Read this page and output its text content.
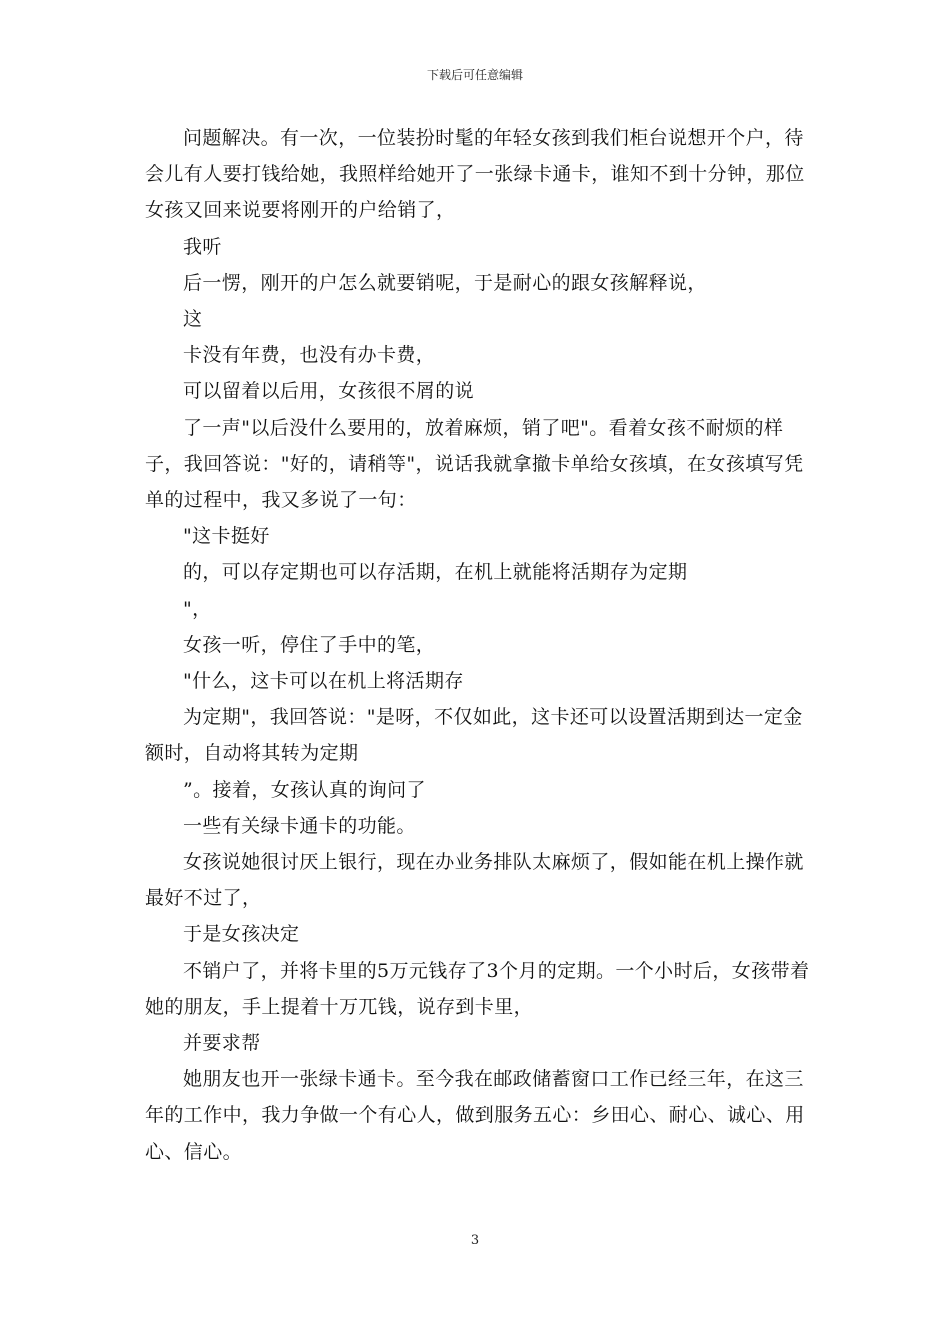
下载后可任意编辑

问题解决。有一次，一位装扮时髦的年轻女孩到我们柜台说想开个户，待会儿有人要打钱给她，我照样给她开了一张绿卡通卡，谁知不到十分钟，那位女孩又回来说要将刚开的户给销了，

我听

后一愣，刚开的户怎么就要销呢，于是耐心的跟女孩解释说，

这

卡没有年费，也没有办卡费，

可以留着以后用，女孩很不屑的说

了一声"以后没什么要用的，放着麻烦，销了吧"。看着女孩不耐烦的样子，我回答说："好的，请稍等"，说话我就拿撤卡单给女孩填，在女孩填写凭单的过程中，我又多说了一句：

"这卡挺好

的，可以存定期也可以存活期，在机上就能将活期存为定期

"，

女孩一听，停住了手中的笔，

"什么，这卡可以在机上将活期存

为定期"，我回答说："是呀，不仅如此，这卡还可以设置活期到达一定金额时，自动将其转为定期

”。接着，女孩认真的询问了

一些有关绿卡通卡的功能。

女孩说她很讨厌上银行，现在办业务排队太麻烦了，假如能在机上操作就最好不过了，

于是女孩决定

不销户了，并将卡里的5万元钱存了3个月的定期。一个小时后，女孩带着她的朋友，手上提着十万兀钱，说存到卡里，

并要求帮

她朋友也开一张绿卡通卡。至今我在邮政储蓄窗口工作已经三年，在这三年的工作中，我力争做一个有心人，做到服务五心：乡田心、耐心、诚心、用心、信心。

3
